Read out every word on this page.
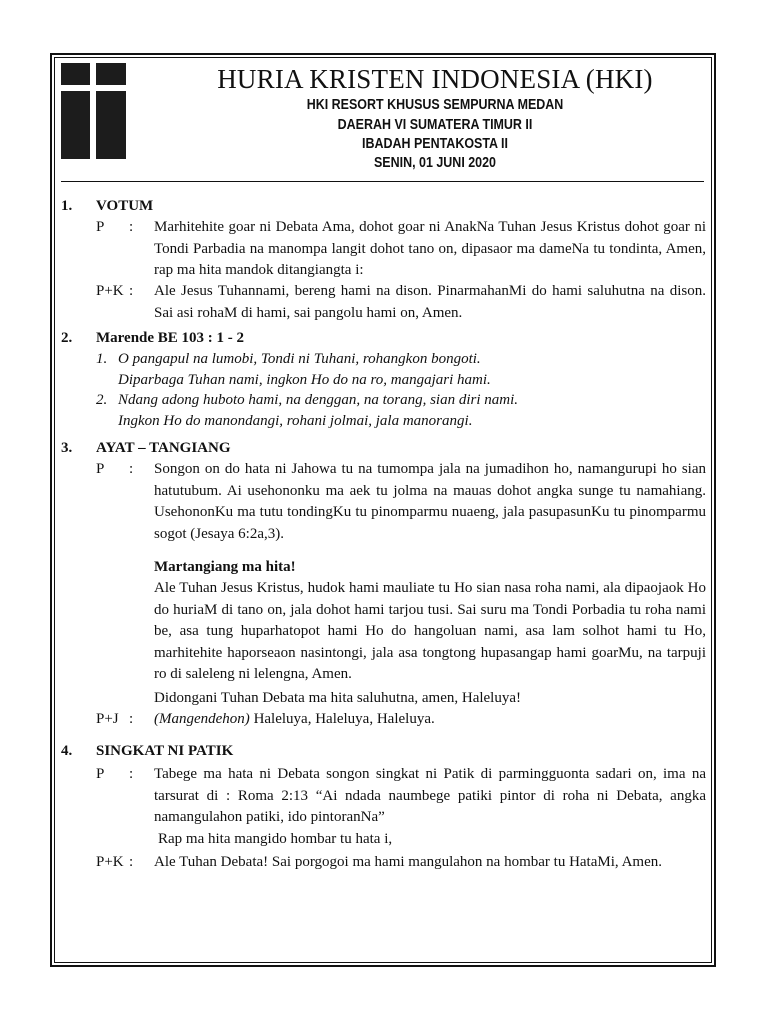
HURIA KRISTEN INDONESIA (HKI)
HKI RESORT KHUSUS SEMPURNA MEDAN
DAERAH VI SUMATERA TIMUR II
IBADAH PENTAKOSTA II
SENIN, 01 JUNI 2020
1. VOTUM
P : Marhitehite goar ni Debata Ama, dohot goar ni AnakNa Tuhan Jesus Kristus dohot goar ni Tondi Parbadia na manompa langit dohot tano on, dipasaor ma dameNa tu tondinta, Amen, rap ma hita mandok ditangiangta i:
P+K : Ale Jesus Tuhannami, bereng hami na dison. PinarmahanMi do hami saluhutna na dison. Sai asi rohaM di hami, sai pangolu hami on, Amen.
2. Marende BE 103 : 1 - 2
1. O pangapul na lumobi, Tondi ni Tuhani, rohangkon bongoti.
Diparbaga Tuhan nami, ingkon Ho do na ro, mangajari hami.
2. Ndang adong huboto hami, na denggan, na torang, sian diri nami.
Ingkon Ho do manondangi, rohani jolmai, jala manorangi.
3. AYAT – TANGIANG
P : Songon on do hata ni Jahowa tu na tumompa jala na jumadihon ho, namangurupi ho sian hatutubum. Ai usehononku ma aek tu jolma na mauas dohot angka sunge tu namahiang. UsehononKu ma tutu tondingKu tu pinomparmu nuaeng, jala pasupasunKu tu pinomparmu sogot (Jesaya 6:2a,3).
Martangiang ma hita!
Ale Tuhan Jesus Kristus, hudok hami mauliate tu Ho sian nasa roha nami, ala dipaojaok Ho do huriaM di tano on, jala dohot hami tarjou tusi. Sai suru ma Tondi Porbadia tu roha nami be, asa tung huparhatopot hami Ho do hangoluan nami, asa lam solhot hami tu Ho, marhitehite haporseaon nasintongi, jala asa tongtong hupasangap hami goarMu, na tarpuji ro di saleleng ni lelengna, Amen.
Didongani Tuhan Debata ma hita saluhutna, amen, Haleluya!
P+J : (Mangendehon) Haleluya, Haleluya, Haleluya.
4. SINGKAT NI PATIK
P : Tabege ma hata ni Debata songon singkat ni Patik di parmingguonta sadari on, ima na tarsurat di : Roma 2:13 “Ai ndada naumbege patiki pintor di roha ni Debata, angka namangulahon patiki, ido pintoranNa”
Rap ma hita mangido hombar tu hata i,
P+K : Ale Tuhan Debata! Sai porgogoi ma hami mangulahon na hombar tu HataMi, Amen.
